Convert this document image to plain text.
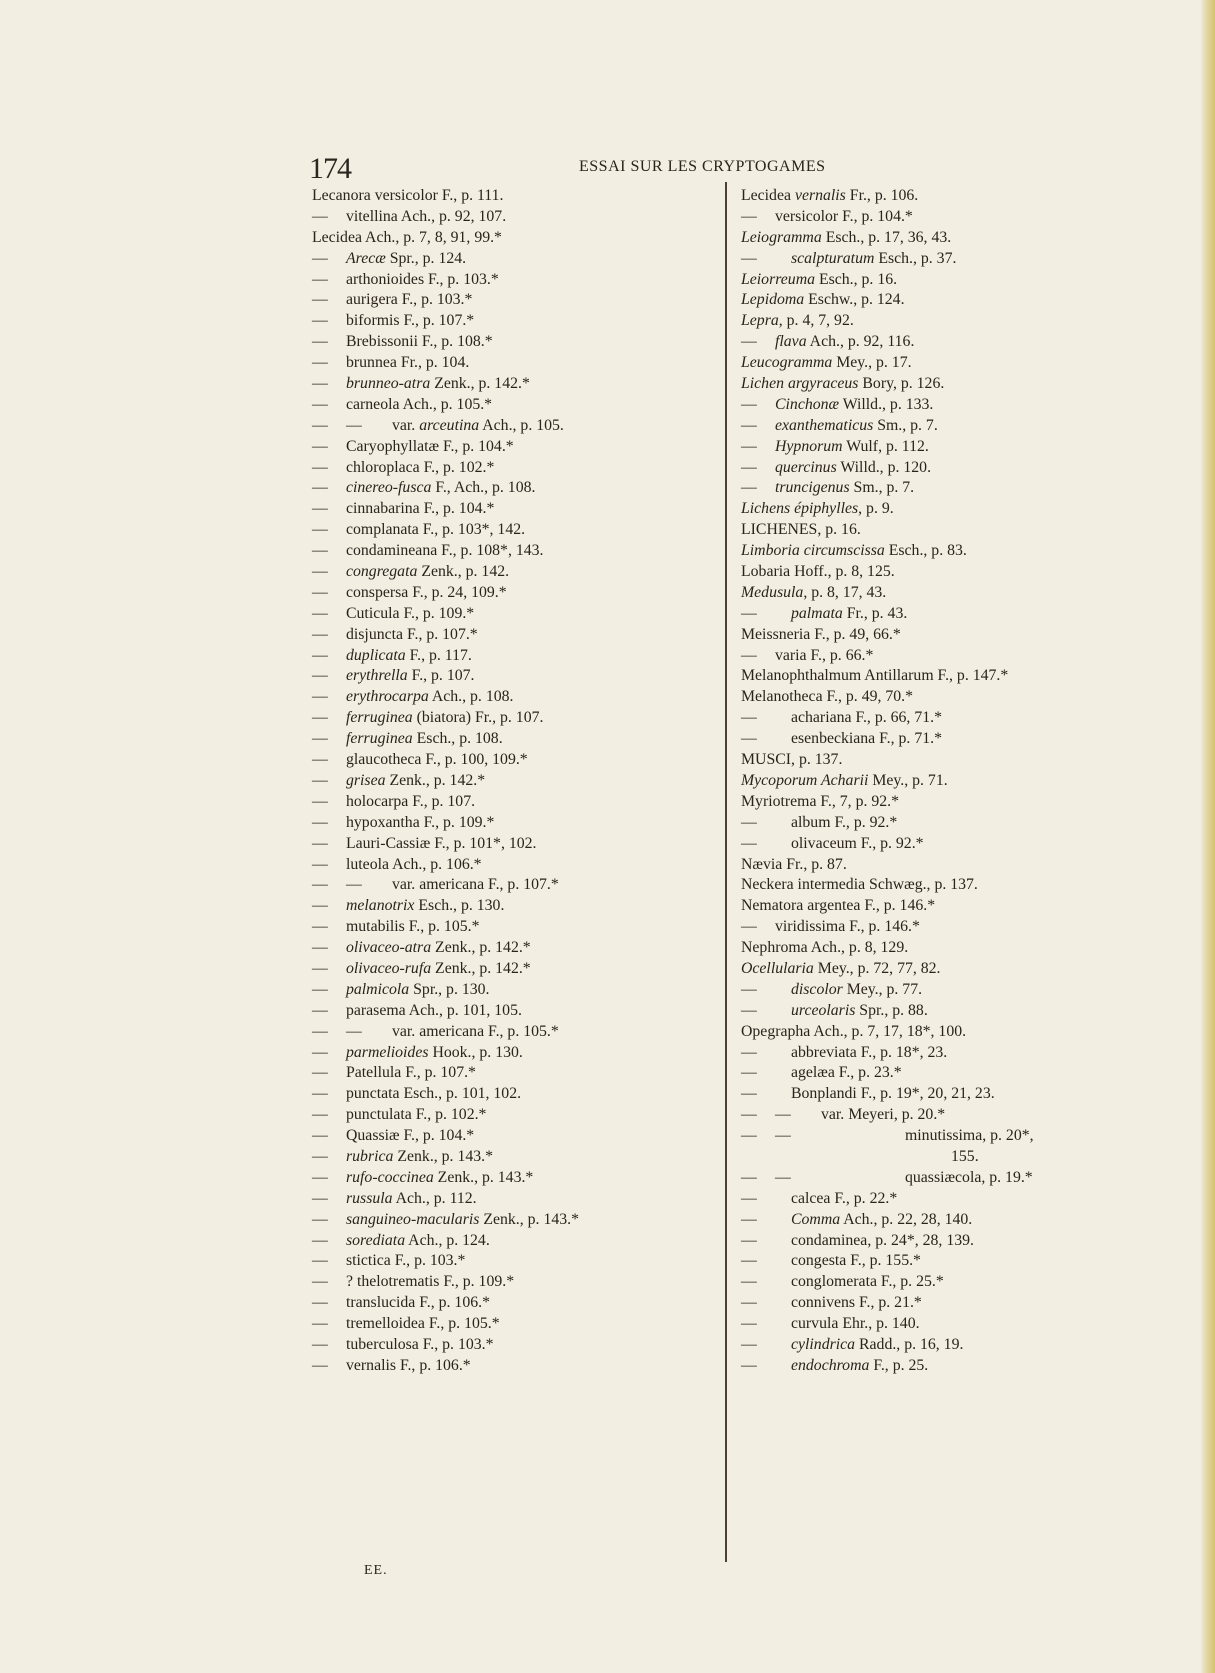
174	ESSAI SUR LES CRYPTOGAMES
Lecanora versicolor F., p. 111.
— vitellina Ach., p. 92, 107.
Lecidea Ach., p. 7, 8, 91, 99.*
— Arecæ Spr., p. 124.
— arthonioides F., p. 103.*
— aurigera F., p. 103.*
— biformis F., p. 107.*
— Brebissonii F., p. 108.*
— brunnea Fr., p. 104.
— brunneo-atra Zenk., p. 142.*
— carneola Ach., p. 105.*
— — var. arceutina Ach., p. 105.
— Caryophyllatæ F., p. 104.*
— chloroplaca F., p. 102.*
— cinereo-fusca F., Ach., p. 108.
— cinnabarina F., p. 104.*
— complanata F., p. 103*, 142.
— condamineana F., p. 108*, 143.
— congregata Zenk., p. 142.
— conspersa F., p. 24, 109.*
— Cuticula F., p. 109.*
— disjuncta F., p. 107.*
— duplicata F., p. 117.
— erythrella F., p. 107.
— erythrocarpa Ach., p. 108.
— ferruginea (biatora) Fr., p. 107.
— ferruginea Esch., p. 108.
— glaucotheca F., p. 100, 109.*
— grisea Zenk., p. 142.*
— holocarpa F., p. 107.
— hypoxantha F., p. 109.*
— Lauri-Cassiæ F., p. 101*, 102.
— luteola Ach., p. 106.*
— — var. americana F., p. 107.*
— melanotrix Esch., p. 130.
— mutabilis F., p. 105.*
— olivaceo-atra Zenk., p. 142.*
— olivaceo-rufa Zenk., p. 142.*
— palmicola Spr., p. 130.
— parasema Ach., p. 101, 105.
— — var. americana F., p. 105.*
— parmelioides Hook., p. 130.
— Patellula F., p. 107.*
— punctata Esch., p. 101, 102.
— punctulata F., p. 102.*
— Quassiæ F., p. 104.*
— rubrica Zenk., p. 143.*
— rufo-coccinea Zenk., p. 143.*
— russula Ach., p. 112.
— sanguineo-macularis Zenk., p. 143.*
— sorediata Ach., p. 124.
— stictica F., p. 103.*
— ? thelotrematis F., p. 109.*
— translucida F., p. 106.*
— tremelloidea F., p. 105.*
— tuberculosa F., p. 103.*
— vernalis F., p. 106.*
Lecidea vernalis Fr., p. 106.
— versicolor F., p. 104.*
Leiogramma Esch., p. 17, 36, 43.
— scalpturatum Esch., p. 37.
Leiorreuma Esch., p. 16.
Lepidoma Eschw., p. 124.
Lepra, p. 4, 7, 92.
— flava Ach., p. 92, 116.
Leucogramma Mey., p. 17.
Lichen argyraceus Bory, p. 126.
— Cinchonæ Willd., p. 133.
— exanthematicus Sm., p. 7.
— Hypnorum Wulf, p. 112.
— quercinus Willd., p. 120.
— truncigenus Sm., p. 7.
Lichens épiphylles, p. 9.
LICHENES, p. 16.
Limboria circumscissa Esch., p. 83.
Lobaria Hoff., p. 8, 125.
Medusula, p. 8, 17, 43.
— palmata Fr., p. 43.
Meissneria F., p. 49, 66.*
— varia F., p. 66.*
Melanophthalmum Antillarum F., p. 147.*
Melanotheca F., p. 49, 70.*
— achariana F., p. 66, 71.*
— esenbeckiana F., p. 71.*
MUSCI, p. 137.
Mycoporum Acharii Mey., p. 71.
Myriotrema F., 7, p. 92.*
— album F., p. 92.*
— olivaceum F., p. 92.*
Nævia Fr., p. 87.
Neckera intermedia Schwæg., p. 137.
Nematora argentea F., p. 146.*
— viridissima F., p. 146.*
Nephroma Ach., p. 8, 129.
Ocellularia Mey., p. 72, 77, 82.
— discolor Mey., p. 77.
— urceolaris Spr., p. 88.
Opegrapha Ach., p. 7, 17, 18*, 100.
— abbreviata F., p. 18*, 23.
— agelæa F., p. 23.*
— Bonplandi F., p. 19*, 20, 21, 23.
— — var. Meyeri, p. 20.*
— —	minutissima, p. 20*,
155.
— —	quassiæcola, p. 19.*
— calcea F., p. 22.*
— Comma Ach., p. 22, 28, 140.
— condaminea, p. 24*, 28, 139.
— congesta F., p. 155.*
— conglomerata F., p. 25.*
— connivens F., p. 21.*
— curvula Ehr., p. 140.
— cylindrica Radd., p. 16, 19.
— endochroma F., p. 25.
EE.
